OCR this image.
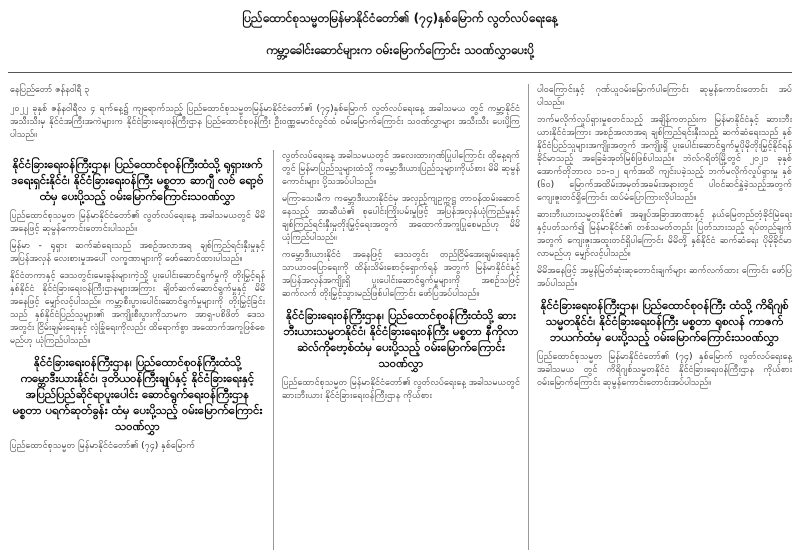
ပြည်ထောင်စုသမ္မတမြန်မာနိုင်ငံတော်၏ (၇၄)နှစ်မြောက် လွတ်လပ်ရေးနေ့
ကမ္ဘာ့ခေါင်းဆောင်များက ဝမ်းမြောက်ကြောင်း သဝဏ်လွှာပေးပို့

ပါ၀ကြောင်းနှင့် ဂုဏ်ယူဝမ်းမြောက်ပါကြောင်း ဆုမွန်ကောင်းတောင်း အပ်ပါသည်။

ဘက်မလိုက်လှုပ်ရှားမှုစတင်သည့် အချိန်ကတည်းက မြန်မာနိုင်ငံနှင့် ဆားဘီးယားနိုင်ငံအကြား အစဉ်အလာအရ ချစ်ကြည်ရင်းနှီးသည့် ဆက်ဆံရေးသည် နှစ်နိုင်ငံပြည်သူများအကျိုးအတွက် အကျိုးရှိ ပူးပေါင်းဆောင်ရွက်မှုပိုမိုတိုးမြှင့်နိုင်ရန် ခိုင်မာသည့် အခြေခံအုတ်မြစ်ဖြစ်ပါသည်။ ဘဲလ်ဂရိတ်မြို့တွင် ၂၀၂၁ ခုနှစ် အောက်တိုဘာလ ၁၁-၁၂ ရက်အထိ ကျင်းပခဲ့သည့် ဘက်မလိုက်လှုပ်ရှားမှု နှစ် (၆၀) မြောက်အထိမ်းအမှတ်အခမ်းအနားတွင် ပါဝင်ဆင်နွှဲခဲ့သည့်အတွက် ကျေးဇူးတင်ရှိကြောင်း ထပ်မံပြောကြားလိုပါသည်။

ဆားဘီးယားသမ္မတနိုင်ငံ၏ အချုပ်အခြာအာဏာနှင့် နယ်မြေတည်တံ့ခိုင်မြဲရေးနှင့်ပတ်သက်၍ မြန်မာနိုင်ငံ၏ တစ်သမတ်တည်း ပြတ်သားသည့် ရပ်တည်ချက်အတွက် ကျေးဇူးအထူးတင်ရှိပါကြောင်း မိမိတို့ နှစ်နိုင်ငံ ဆက်ဆံရေး ပိုမိုခိုင်မာလာမည်ဟု မျှော်လင့်ပါသည်။

မိမိအနေဖြင့် အမွန်မြတ်ဆုံးဆုတောင်းချက်များ ဆက်လက်ထား ကြောင်း ဖော်ပြအပ်ပါသည်။

နိုင်ငံခြားရေးဝန်ကြီးဌာန၊ ပြည်ထောင်စုဝန်ကြီး ထံသို့ ကိရိဂျစ်သမ္မတနိုင်ငံ၊ နိုင်ငံခြားရေးဝန်ကြီး မစ္စတာ ရုစလန် ကာဇက်ဘယက်ထံမှ ပေးပို့သည့် ဝမ်းမြောက်ကြောင်းသဝဏ်လွှာ

ပြည်ထောင်စုသမ္မတ မြန်မာနိုင်ငံတော်၏ (၇၄) နှစ်မြောက် လွတ်လပ်ရေးနေ့ အခါသမယ တွင် ကိရိဂျစ်သမ္မတနိုင်ငံ နိုင်ငံခြားရေးဝန်ကြီးဌာန ကိုယ်စား ဝမ်းမြောက်ကြောင်း ဆုမွန်ကောင်းတောင်းအပ်ပါသည်။

နေပြည်တော် ဇန်နဝါရီ ၃

၂၀၂၂ ခုနှစ် ဇန်နဝါရီလ ၄ ရက်နေ့၌ ကျရောက်သည့် ပြည်ထောင်စုသမ္မတမြန်မာနိုင်ငံတော်၏ (၇၄)နှစ်မြောက် လွတ်လပ်ရေးနေ့ အခါသမယ တွင် ကမ္ဘာ့နိုင်ငံအသီးသီးမှ နိုင်ငံအကြီးအကဲများက နိုင်ငံခြားရေးဝန်ကြီးဌာန ပြည်ထောင်စုဝန်ကြီး ဦးဝဏ္ဏမောင်လွင်ထံ ဝမ်းမြောက်ကြောင်း သဝဏ်လွှာများ အသီးသီး ပေးပို့ကြပါသည်။

နိုင်ငံခြားရေးဝန်ကြီးဌာန၊ ပြည်ထောင်စုဝန်ကြီးထံသို့ ရုရှားဖက်ဒရေးရှင်းနိုင်ငံ၊ နိုင်ငံခြားရေးဝန်ကြီး မစ္စတာ ဆာဂျီ လဗ် ရော့ဗ် ထံမှ ပေးပို့သည့် ဝမ်းမြောက်ကြောင်းသဝဏ်လွှာ

ပြည်ထောင်စုသမ္မတ မြန်မာနိုင်ငံတော်၏ လွတ်လပ်ရေးနေ့ အခါသမယတွင် မိမိအနေဖြင့် ဆုမွန်ကောင်းတောင်းပါသည်။

မြန်မာ - ရုရှား ဆက်ဆံရေးသည် အစဉ်အလာအရ ချစ်ကြည်ရင်းနှီးမှုနှင့် အပြန်အလှန် လေးစားမှုအပေါ် လက္ခဏာများကို ဖော်ဆောင်ထားပါသည်။

နိုင်ငံတကာနှင့် ဒေသတွင်းမေးခွန်းများကဲ့သို့ ပူးပေါင်းဆောင်ရွက်မှုကို တိုးမြှင့်ရန် နှစ်နိုင်ငံ နိုင်ငံခြားရေးဝန်ကြီးဌာနများအကြား ချိတ်ဆက်ဆောင်ရွက်မှုနှင့် မိမိအနေဖြင့် မျှော်လင့်ပါသည်။ ကမ္ဘာ့စီးပွားပေါင်းဆောင်ရွက်မှုများကို တိုးမြှင့်ခြင်းသည် နှစ်နိုင်ငံပြည်သူများ၏ အကျိုးစီးပွားကိုသာမက အာရှ-ပစိဖိတ် ဒေသအတွင်း ငြိမ်းချမ်းရေးနှင့် လုံခြုံရေးကိုလည်း ထိရောက်စွာ အထောက်အကူဖြစ်စေမည်ဟု ယုံကြည်ပါသည်။

နိုင်ငံခြားရေးဝန်ကြီးဌာန၊ ပြည်ထောင်စုဝန်ကြီးထံသို့ ကမ္ဘောဒီးယားနိုင်ငံ၊ ဒုတိယဝန်ကြီးချုပ်နှင့် နိုင်ငံခြားရေးနှင့် အပြည်ပြည်ဆိုင်ရာပူးပေါင်း ဆောင်ရွက်ရေးဝန်ကြီးဌာန မစ္စတာ ပရက်ဆုတ်ခွန်း ထံမှ ပေးပို့သည့် ဝမ်းမြောက်ကြောင်းသဝဏ်လွှာ

ပြည်ထောင်စုသမ္မတ မြန်မာနိုင်ငံတော်၏ (၇၄) နှစ်မြောက်

လွတ်လပ်ရေးနေ့ အခါသမယတွင် အလေးထားဂုဏ်ပြုပါကြောင်း ထိုနေ့ရက်တွင် မြန်မာပြည်သူများထံသို့ ကမ္ဘောဒီးယားပြည်သူများကိုယ်စား မိမိ ဆုမွန်ကောင်းများ ပို့သအပ်ပါသည်။

မကြာသေးမီက ကမ္ဘောဒီးယားနိုင်ငံမှ အလှည့်ကျဥက္ကဋ္ဌ တာဝန်ထမ်းဆောင်နေသည့် အာဆီယံ၏ စုပေါင်းကြိုးပမ်းမှုဖြင့် အပြန်အလှန်ယုံကြည်မှုနှင့် ချစ်ကြည်ရင်းနှီးမှုတိုးမြှင့်ရေးအတွက် အထောက်အကူပြုစေမည်ဟု မိမိယုံကြည်ပါသည်။

ကမ္ဘောဒီးယားနိုင်ငံ အနေဖြင့် ဒေသတွင်း တည်ငြိမ်အေးချမ်းရေးနှင့် သာယာဝပြောရေးကို ထိန်းသိမ်းစောင့်ရှောက်ရန် အတွက် မြန်မာနိုင်ငံနှင့် အပြန်အလှန်အကျိုးရှိ ပူးပေါင်းဆောင်ရွက်မှုများကို အစဉ်သဖြင့် ဆက်လက် တိုးမြှင့်သွားမည်ဖြစ်ပါကြောင်း ဖော်ပြအပ်ပါသည်။

နိုင်ငံခြားရေးဝန်ကြီးဌာန၊ ပြည်ထောင်စုဝန်ကြီးထံသို့ ဆားဘီးယားသမ္မတနိုင်ငံ၊ နိုင်ငံခြားရေးဝန်ကြီး မစ္စတာ နီကိုလာ ဆဲလ်ကိုဗော့စ်ထံမှ ပေးပို့သည့် ဝမ်းမြောက်ကြောင်းသဝဏ်လွှာ

ပြည်ထောင်စုသမ္မတ မြန်မာနိုင်ငံတော်၏ လွတ်လပ်ရေးနေ့ အခါသမယတွင် ဆားဘီးယား နိုင်ငံခြားရေးဝန်ကြီးဌာန ကိုယ်စား
